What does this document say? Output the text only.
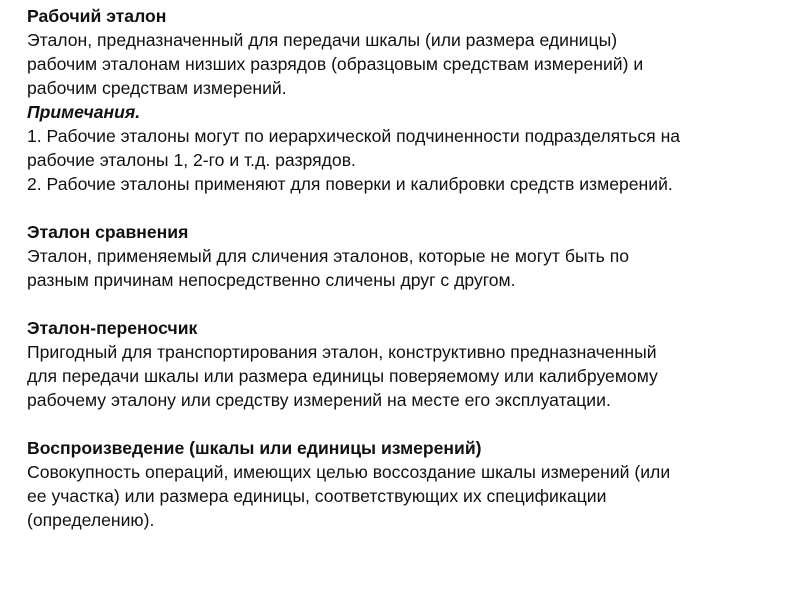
Рабочий эталон
Эталон, предназначенный для передачи шкалы (или размера единицы)
рабочим эталонам низших разрядов (образцовым средствам измерений) и
рабочим средствам измерений.
Примечания.
1. Рабочие эталоны могут по иерархической подчиненности подразделяться на
рабочие эталоны 1, 2-го и т.д. разрядов.
2. Рабочие эталоны применяют для поверки и калибровки средств измерений.
Эталон сравнения
Эталон, применяемый для сличения эталонов, которые не могут быть по
разным причинам непосредственно сличены друг с другом.
Эталон-переносчик
Пригодный для транспортирования эталон, конструктивно предназначенный
для передачи шкалы или размера единицы поверяемому или калибруемому
рабочему эталону или средству измерений на месте его эксплуатации.
Воспроизведение (шкалы или единицы измерений)
Совокупность операций, имеющих целью воссоздание шкалы измерений (или
ее участка) или размера единицы, соответствующих их спецификации
(определению).
